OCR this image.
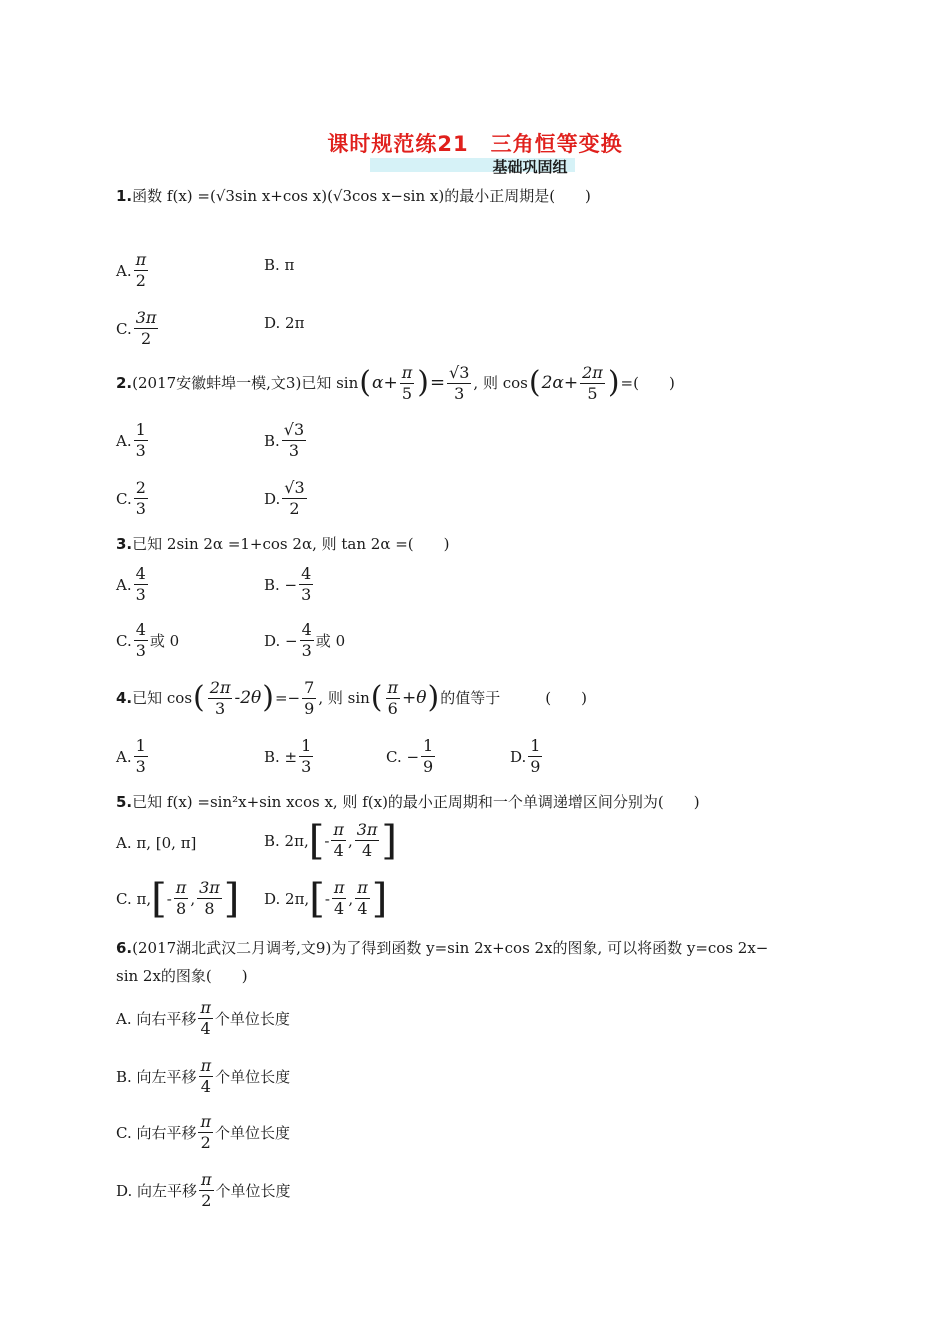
课时规范练21　三角恒等变换
基础巩固组
1. 函数 f(x) =(√3sin x+cos x)(√3cos x−sin x)的最小正周期是(　　)
A. $\frac{\pi}{2}$	B. π
C. $\frac{3\pi}{2}$	D. 2π
2. (2017安徽蚌埠一模,文3)已知 sin ( $\alpha+ \frac{\pi}{5}$ ) = $\frac{√3}{3}$ , 则 cos ( $2\alpha+ \frac{2\pi}{5}$ ) =(　　)
A. $\frac{1}{3}$	B. $\frac{√3}{3}$
C. $\frac{2}{3}$	D. $\frac{√3}{2}$
3. 已知 2sin 2α =1+cos 2α, 则 tan 2α =(　　)
A. $\frac{4}{3}$	B. − $\frac{4}{3}$
C. $\frac{4}{3}$ 或 0	D. − $\frac{4}{3}$ 或 0
4. 已知 cos ( $\frac{2\pi}{3} -2\theta$ ) =− $\frac{7}{9}$ , 则 sin ( $\frac{\pi}{6} +\theta$ ) 的值等于　　　(　　)
A. $\frac{1}{3}$	B. ± $\frac{1}{3}$	C. − $\frac{1}{9}$	D. $\frac{1}{9}$
5. 已知 f(x) =sin²x+sin xcos x, 则 f(x)的最小正周期和一个单调递增区间分别为(　　)
A. π, [0, π]	B. 2π, [ - $\frac{\pi}{4}$ , $\frac{3\pi}{4}$ ]
C. π, [ - $\frac{\pi}{8}$ , $\frac{3\pi}{8}$ ] D. 2π, [ - $\frac{\pi}{4}$ , $\frac{\pi}{4}$ ]
6. (2017湖北武汉二月调考,文9)为了得到函数 y=sin 2x+cos 2x的图象, 可以将函数 y=cos 2x−
sin 2x的图象(　　)
A. 向右平移 $\frac{\pi}{4}$ 个单位长度
B. 向左平移 $\frac{\pi}{4}$ 个单位长度
C. 向右平移 $\frac{\pi}{2}$ 个单位长度
D. 向左平移 $\frac{\pi}{2}$ 个单位长度
